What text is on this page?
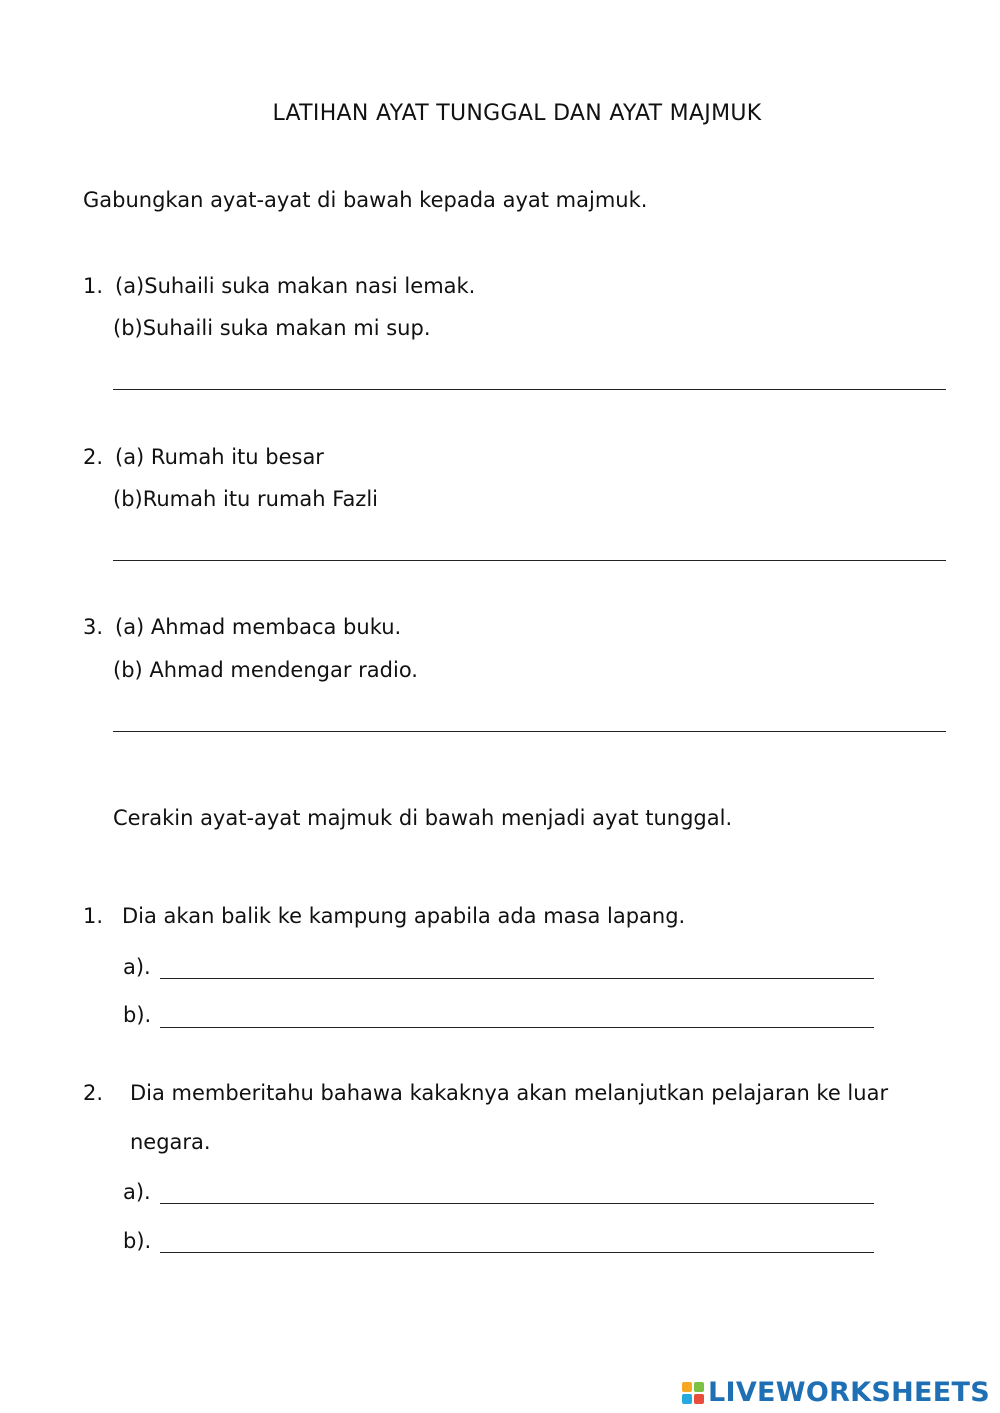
LATIHAN AYAT TUNGGAL DAN AYAT MAJMUK
Gabungkan ayat-ayat di bawah kepada ayat majmuk.
1. (a)Suhaili suka makan nasi lemak.
(b)Suhaili suka makan mi sup.
2. (a) Rumah itu besar
(b)Rumah itu rumah Fazli
3. (a) Ahmad membaca buku.
(b) Ahmad mendengar radio.
Cerakin ayat-ayat majmuk di bawah menjadi ayat tunggal.
1. Dia akan balik ke kampung apabila ada masa lapang.
a).
b).
2. Dia memberitahu bahawa kakaknya akan melanjutkan pelajaran ke luar
negara.
a).
b).
LIVEWORKSHEETS
